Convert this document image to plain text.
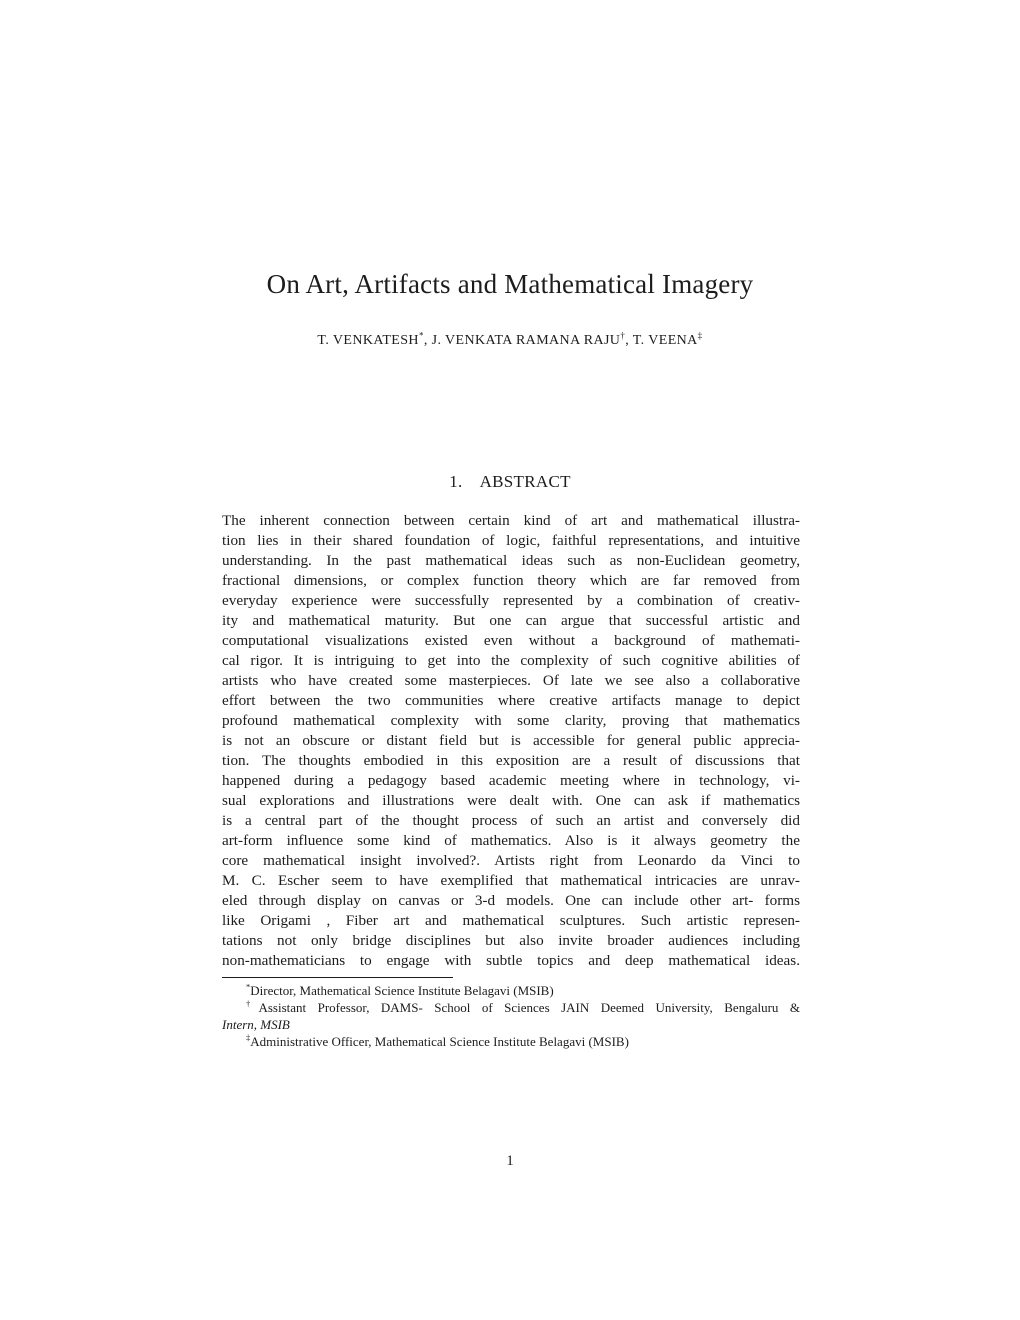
On Art, Artifacts and Mathematical Imagery
T. VENKATESH*, J. VENKATA RAMANA RAJU†, T. VEENA‡
1. ABSTRACT
The inherent connection between certain kind of art and mathematical illustra-
tion lies in their shared foundation of logic, faithful representations, and intuitive
understanding. In the past mathematical ideas such as non-Euclidean geometry,
fractional dimensions, or complex function theory which are far removed from
everyday experience were successfully represented by a combination of creativ-
ity and mathematical maturity. But one can argue that successful artistic and
computational visualizations existed even without a background of mathemati-
cal rigor. It is intriguing to get into the complexity of such cognitive abilities of
artists who have created some masterpieces. Of late we see also a collaborative
effort between the two communities where creative artifacts manage to depict
profound mathematical complexity with some clarity, proving that mathematics
is not an obscure or distant field but is accessible for general public apprecia-
tion. The thoughts embodied in this exposition are a result of discussions that
happened during a pedagogy based academic meeting where in technology, vi-
sual explorations and illustrations were dealt with. One can ask if mathematics
is a central part of the thought process of such an artist and conversely did
art-form influence some kind of mathematics. Also is it always geometry the
core mathematical insight involved?. Artists right from Leonardo da Vinci to
M. C. Escher seem to have exemplified that mathematical intricacies are unrav-
eled through display on canvas or 3-d models. One can include other art- forms
like Origami , Fiber art and mathematical sculptures. Such artistic represen-
tations not only bridge disciplines but also invite broader audiences including
non-mathematicians to engage with subtle topics and deep mathematical ideas.
*Director, Mathematical Science Institute Belagavi (MSIB)
†Assistant Professor, DAMS- School of Sciences JAIN Deemed University, Bengaluru &
Intern, MSIB
‡Administrative Officer, Mathematical Science Institute Belagavi (MSIB)
1
